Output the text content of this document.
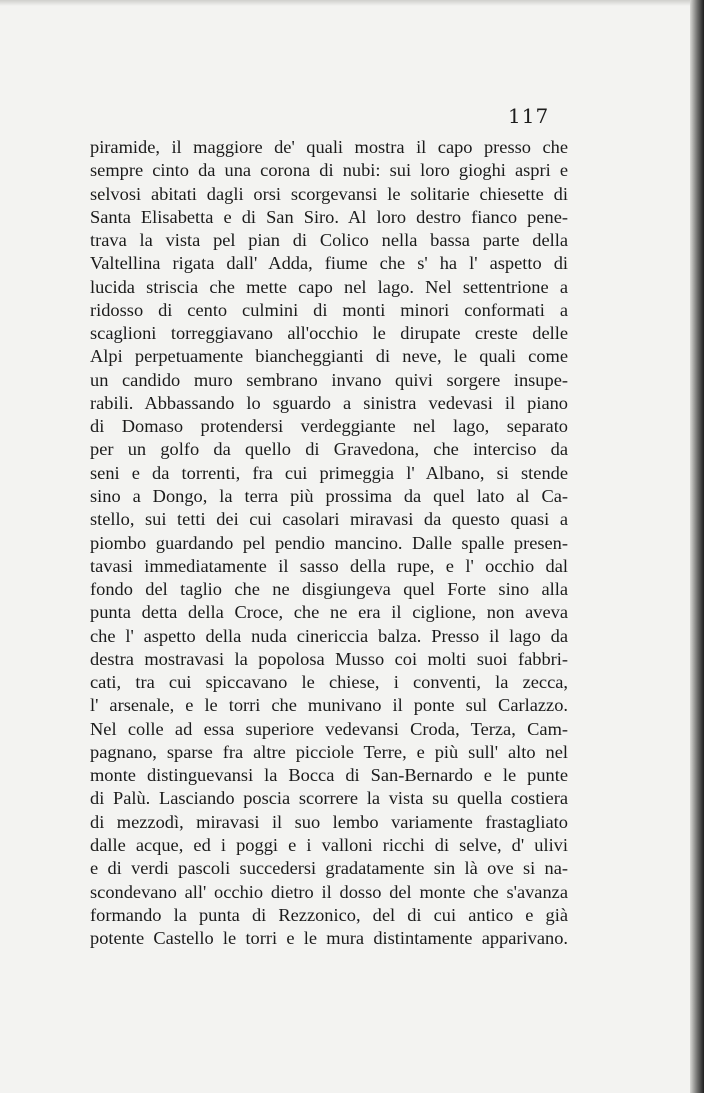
117
piramide, il maggiore de' quali mostra il capo presso che
sempre cinto da una corona di nubi: sui loro gioghi aspri e
selvosi abitati dagli orsi scorgevansi le solitarie chiesette di
Santa Elisabetta e di San Siro. Al loro destro fianco pene-
trava la vista pel pian di Colico nella bassa parte della
Valtellina rigata dall' Adda, fiume che s' ha l' aspetto di
lucida striscia che mette capo nel lago. Nel settentrione a
ridosso di cento culmini di monti minori conformati a
scaglioni torreggiavano all'occhio le dirupate creste delle
Alpi perpetuamente biancheggianti di neve, le quali come
un candido muro sembrano invano quivi sorgere insupe-
rabili. Abbassando lo sguardo a sinistra vedevasi il piano
di Domaso protendersi verdeggiante nel lago, separato
per un golfo da quello di Gravedona, che interciso da
seni e da torrenti, fra cui primeggia l' Albano, si stende
sino a Dongo, la terra più prossima da quel lato al Ca-
stello, sui tetti dei cui casolari miravasi da questo quasi a
piombo guardando pel pendio mancino. Dalle spalle presen-
tavasi immediatamente il sasso della rupe, e l' occhio dal
fondo del taglio che ne disgiungeva quel Forte sino alla
punta detta della Croce, che ne era il ciglione, non aveva
che l' aspetto della nuda cinericcia balza. Presso il lago da
destra mostravasi la popolosa Musso coi molti suoi fabbri-
cati, tra cui spiccavano le chiese, i conventi, la zecca,
l' arsenale, e le torri che munivano il ponte sul Carlazzo.
Nel colle ad essa superiore vedevansi Croda, Terza, Cam-
pagnano, sparse fra altre picciole Terre, e più sull' alto nel
monte distinguevansi la Bocca di San-Bernardo e le punte
di Palù. Lasciando poscia scorrere la vista su quella costiera
di mezzodì, miravasi il suo lembo variamente frastagliato
dalle acque, ed i poggi e i valloni ricchi di selve, d' ulivi
e di verdi pascoli succedersi gradatamente sin là ove si na-
scondevano all' occhio dietro il dosso del monte che s'avanza
formando la punta di Rezzonico, del di cui antico e già
potente Castello le torri e le mura distintamente apparivano.
